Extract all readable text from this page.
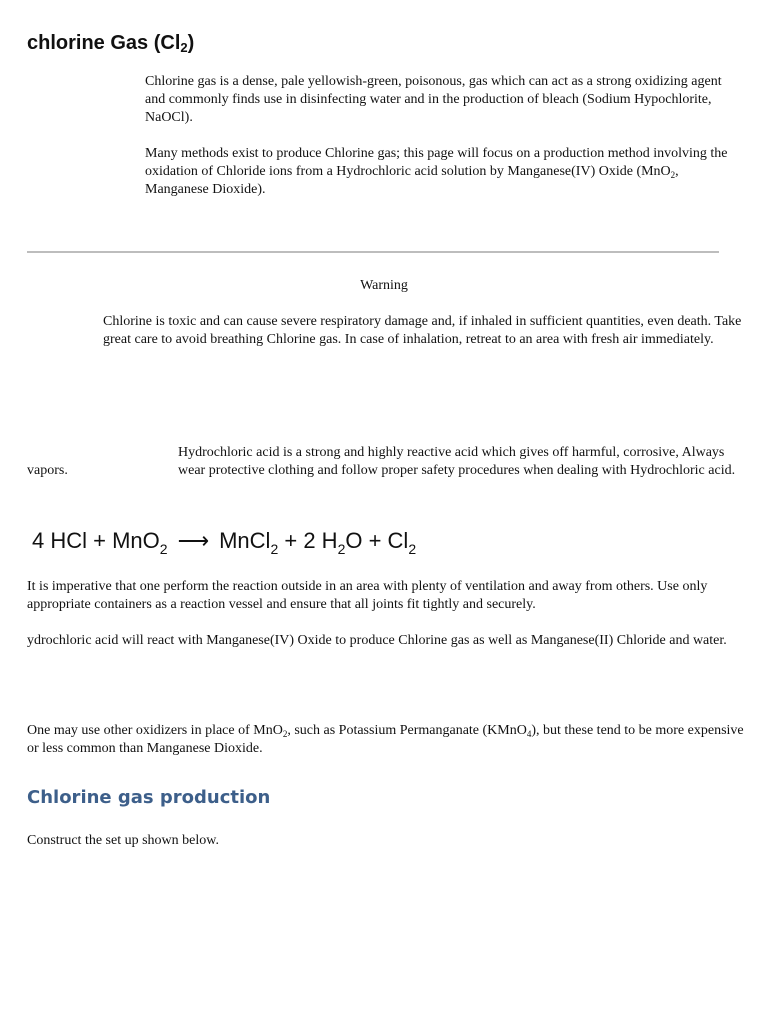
chlorine Gas $(Cl_2)$

Chlorine gas is a dense, pale yellowish-green, poisonous, gas which can act as a strong oxidizing agent and commonly finds use in disinfecting water and in the production of bleach (Sodium Hypochlorite, NaOCl).

Many methods exist to produce Chlorine gas; this page will focus on a production method involving the oxidation of Chloride ions from a Hydrochloric acid solution by Manganese(IV) Oxide (MnO$_2$, Manganese Dioxide).

Warning

Chlorine is toxic and can cause severe respiratory damage and, if inhaled in sufficient quantities, even death. Take great care to avoid breathing Chlorine gas. In case of inhalation, retreat to an area with fresh air immediately.

vapors.

Hydrochloric acid is a strong and highly reactive acid which gives off harmful, corrosive, Always wear protective clothing and follow proper safety procedures when dealing with Hydrochloric acid.

4 HCl + MnO$_2$ ⟶ MnCl$_2$ + 2 $H_2O + Cl_2$

It is imperative that one perform the reaction outside in an area with plenty of ventilation and away from others. Use only appropriate containers as a reaction vessel and ensure that all joints fit tightly and securely.

ydrochloric acid will react with Manganese(IV) Oxide to produce Chlorine gas as well as Manganese(II) Chloride and water.

One may use other oxidizers in place of MnO$_2$, such as Potassium Permanganate (KMnO$_4$), but these tend to be more expensive or less common than Manganese Dioxide.

Chlorine gas production

Construct the set up shown below.
